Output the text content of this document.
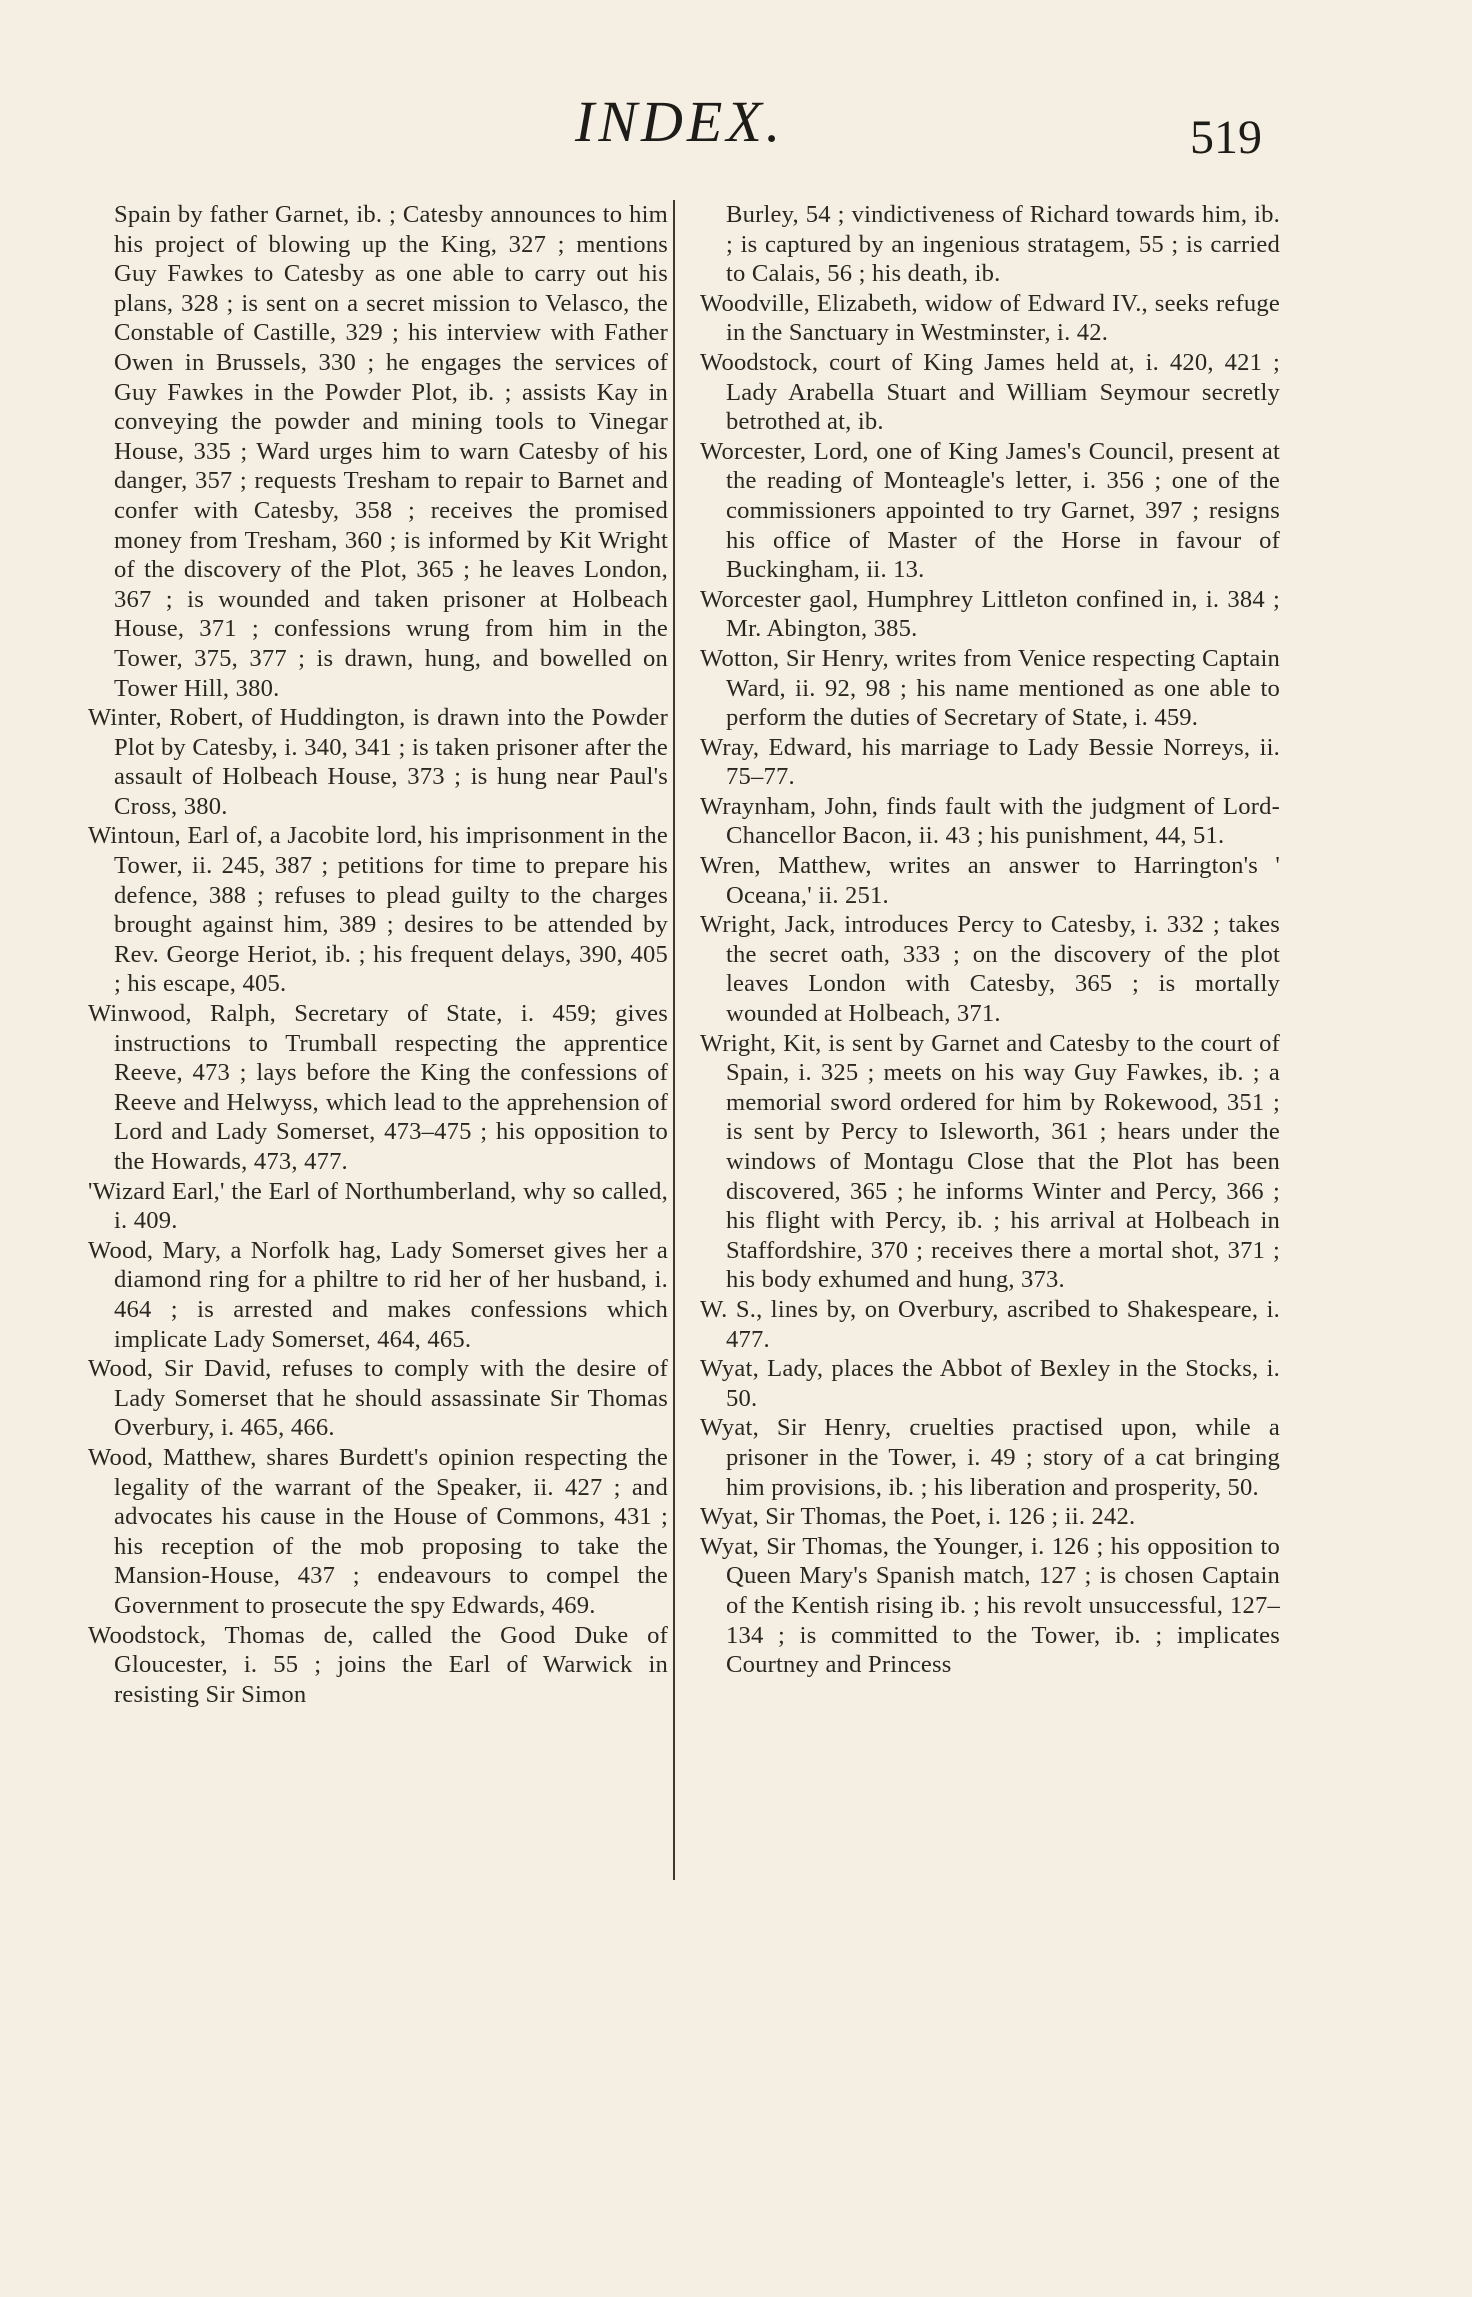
INDEX.	519

Spain by father Garnet, ib. ; Catesby announces to him his project of blowing up the King, 327 ; mentions Guy Fawkes to Catesby as one able to carry out his plans, 328 ; is sent on a secret mission to Velasco, the Constable of Castille, 329 ; his interview with Father Owen in Brussels, 330 ; he engages the services of Guy Fawkes in the Powder Plot, ib. ; assists Kay in conveying the powder and mining tools to Vinegar House, 335 ; Ward urges him to warn Catesby of his danger, 357 ; requests Tresham to repair to Barnet and confer with Catesby, 358 ; receives the promised money from Tresham, 360 ; is informed by Kit Wright of the discovery of the Plot, 365 ; he leaves London, 367 ; is wounded and taken prisoner at Holbeach House, 371 ; confessions wrung from him in the Tower, 375, 377 ; is drawn, hung, and bowelled on Tower Hill, 380.

Winter, Robert, of Huddington, is drawn into the Powder Plot by Catesby, i. 340, 341 ; is taken prisoner after the assault of Holbeach House, 373 ; is hung near Paul's Cross, 380.

Wintoun, Earl of, a Jacobite lord, his imprisonment in the Tower, ii. 245, 387 ; petitions for time to prepare his defence, 388 ; refuses to plead guilty to the charges brought against him, 389 ; desires to be attended by Rev. George Heriot, ib. ; his frequent delays, 390, 405 ; his escape, 405.

Winwood, Ralph, Secretary of State, i. 459; gives instructions to Trumball respecting the apprentice Reeve, 473 ; lays before the King the confessions of Reeve and Helwyss, which lead to the apprehension of Lord and Lady Somerset, 473–475 ; his opposition to the Howards, 473, 477.

'Wizard Earl,' the Earl of Northumberland, why so called, i. 409.

Wood, Mary, a Norfolk hag, Lady Somerset gives her a diamond ring for a philtre to rid her of her husband, i. 464 ; is arrested and makes confessions which implicate Lady Somerset, 464, 465.

Wood, Sir David, refuses to comply with the desire of Lady Somerset that he should assassinate Sir Thomas Overbury, i. 465, 466.

Wood, Matthew, shares Burdett's opinion respecting the legality of the warrant of the Speaker, ii. 427 ; and advocates his cause in the House of Commons, 431 ; his reception of the mob proposing to take the Mansion-House, 437 ; endeavours to compel the Government to prosecute the spy Edwards, 469.

Woodstock, Thomas de, called the Good Duke of Gloucester, i. 55 ; joins the Earl of Warwick in resisting Sir Simon

Burley, 54 ; vindictiveness of Richard towards him, ib. ; is captured by an ingenious stratagem, 55 ; is carried to Calais, 56 ; his death, ib.

Woodville, Elizabeth, widow of Edward IV., seeks refuge in the Sanctuary in Westminster, i. 42.

Woodstock, court of King James held at, i. 420, 421 ; Lady Arabella Stuart and William Seymour secretly betrothed at, ib.

Worcester, Lord, one of King James's Council, present at the reading of Monteagle's letter, i. 356 ; one of the commissioners appointed to try Garnet, 397 ; resigns his office of Master of the Horse in favour of Buckingham, ii. 13.

Worcester gaol, Humphrey Littleton confined in, i. 384 ; Mr. Abington, 385.

Wotton, Sir Henry, writes from Venice respecting Captain Ward, ii. 92, 98 ; his name mentioned as one able to perform the duties of Secretary of State, i. 459.

Wray, Edward, his marriage to Lady Bessie Norreys, ii. 75–77.

Wraynham, John, finds fault with the judgment of Lord-Chancellor Bacon, ii. 43 ; his punishment, 44, 51.

Wren, Matthew, writes an answer to Harrington's ' Oceana,' ii. 251.

Wright, Jack, introduces Percy to Catesby, i. 332 ; takes the secret oath, 333 ; on the discovery of the plot leaves London with Catesby, 365 ; is mortally wounded at Holbeach, 371.

Wright, Kit, is sent by Garnet and Catesby to the court of Spain, i. 325 ; meets on his way Guy Fawkes, ib. ; a memorial sword ordered for him by Rokewood, 351 ; is sent by Percy to Isleworth, 361 ; hears under the windows of Montagu Close that the Plot has been discovered, 365 ; he informs Winter and Percy, 366 ; his flight with Percy, ib. ; his arrival at Holbeach in Staffordshire, 370 ; receives there a mortal shot, 371 ; his body exhumed and hung, 373.

W. S., lines by, on Overbury, ascribed to Shakespeare, i. 477.

Wyat, Lady, places the Abbot of Bexley in the Stocks, i. 50.

Wyat, Sir Henry, cruelties practised upon, while a prisoner in the Tower, i. 49 ; story of a cat bringing him provisions, ib. ; his liberation and prosperity, 50.

Wyat, Sir Thomas, the Poet, i. 126 ; ii. 242.

Wyat, Sir Thomas, the Younger, i. 126 ; his opposition to Queen Mary's Spanish match, 127 ; is chosen Captain of the Kentish rising ib. ; his revolt unsuccessful, 127–134 ; is committed to the Tower, ib. ; implicates Courtney and Princess
